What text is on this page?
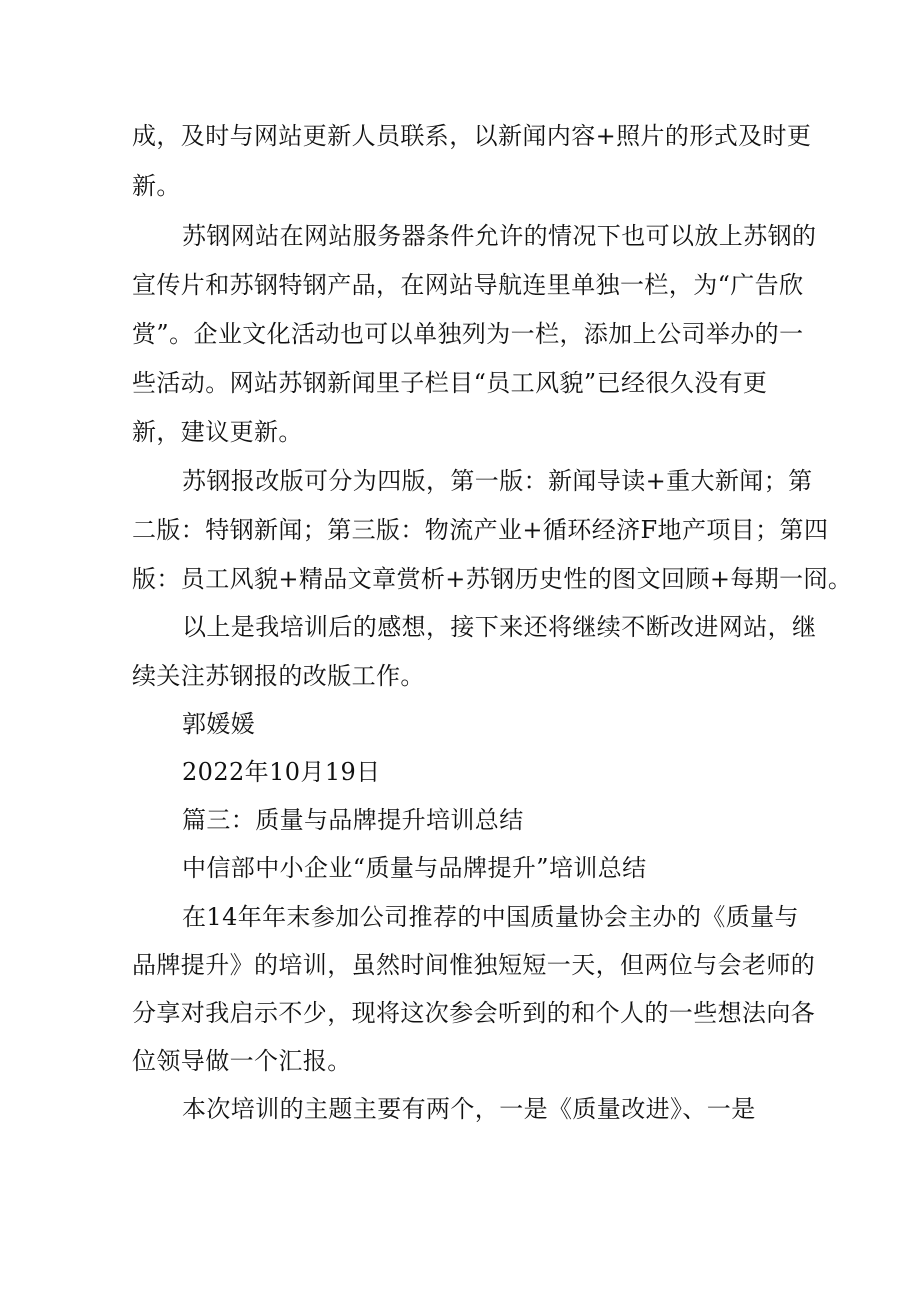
成，及时与网站更新人员联系，以新闻内容+照片的形式及时更
新。
苏钢网站在网站服务器条件允许的情况下也可以放上苏钢的
宣传片和苏钢特钢产品，在网站导航连里单独一栏，为“广告欣
赏”。企业文化活动也可以单独列为一栏，添加上公司举办的一
些活动。网站苏钢新闻里子栏目“员工风貌”已经很久没有更
新，建议更新。
苏钢报改版可分为四版，第一版：新闻导读+重大新闻；第
二版：特钢新闻；第三版：物流产业+循环经济F地产项目；第四
版：员工风貌+精品文章赏析+苏钢历史性的图文回顾+每期一冏。
以上是我培训后的感想，接下来还将继续不断改进网站，继
续关注苏钢报的改版工作。
郭媛媛
2022年10月19日
篇三：质量与品牌提升培训总结
中信部中小企业“质量与品牌提升”培训总结
在14年年末参加公司推荐的中国质量协会主办的《质量与
品牌提升》的培训，虽然时间惟独短短一天，但两位与会老师的
分享对我启示不少，现将这次参会听到的和个人的一些想法向各
位领导做一个汇报。
本次培训的主题主要有两个，一是《质量改进》、一是
